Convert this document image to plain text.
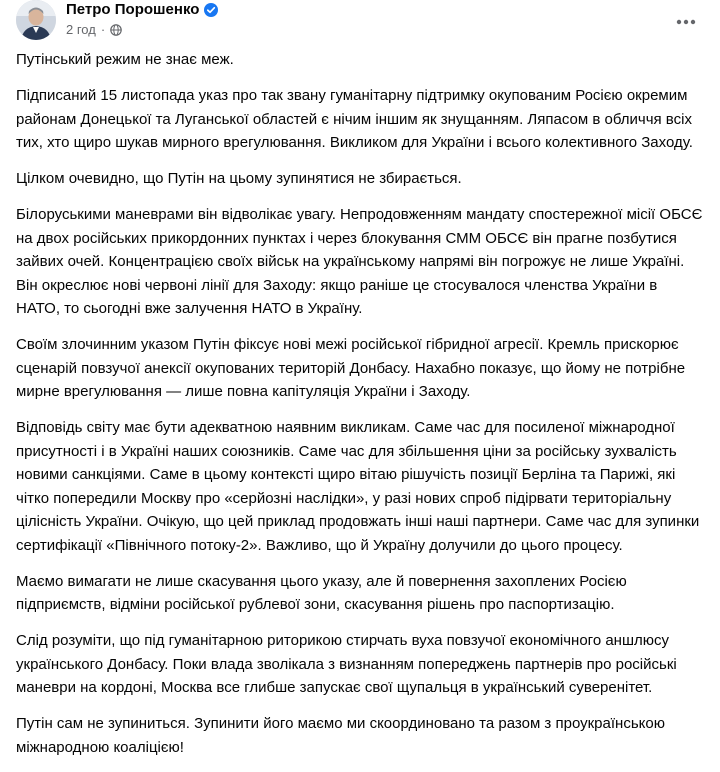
Петро Порошенко
2 год ·

Путінський режим не знає меж.

Підписаний 15 листопада указ про так звану гуманітарну підтримку окупованим Росією окремим районам Донецької та Луганської областей є нічим іншим як знущанням. Ляпасом в обличчя всіх тих, хто щиро шукав мирного врегулювання. Викликом для України і всього колективного Заходу.

Цілком очевидно, що Путін на цьому зупинятися не збирається.

Білоруськими маневрами він відволікає увагу. Непродовженням мандату спостережної місії ОБСЄ на двох російських прикордонних пунктах і через блокування СММ ОБСЄ він прагне позбутися зайвих очей. Концентрацією своїх військ на українському напрямі він погрожує не лише Україні. Він окреслює нові червоні лінії для Заходу: якщо раніше це стосувалося членства України в НАТО, то сьогодні вже залучення НАТО в Україну.

Своїм злочинним указом Путін фіксує нові межі російської гібридної агресії. Кремль прискорює сценарій повзучої анексії окупованих територій Донбасу. Нахабно показує, що йому не потрібне мирне врегулювання — лише повна капітуляція України і Заходу.

Відповідь світу має бути адекватною наявним викликам. Саме час для посиленої міжнародної присутності і в Україні наших союзників. Саме час для збільшення ціни за російську зухвалість новими санкціями. Саме в цьому контексті щиро вітаю рішучість позиції Берліна та Парижі, які чітко попередили Москву про «серйозні наслідки», у разі нових спроб підірвати територіальну цілісність України. Очікую, що цей приклад продовжать інші наші партнери. Саме час для зупинки сертифікації «Північного потоку-2». Важливо, що й Україну долучили до цього процесу.

Маємо вимагати не лише скасування цього указу, але й повернення захоплених Росією підприємств, відміни російської рублевої зони, скасування рішень про паспортизацію.

Слід розуміти, що під гуманітарною риторикою стирчать вуха повзучої економічного аншлюсу українського Донбасу. Поки влада зволікала з визнанням попереджень партнерів про російські маневри на кордоні, Москва все глибше запускає свої щупальця в український суверенітет.

Путін сам не зупиниться. Зупинити його маємо ми скоординовано та разом з проукраїнською міжнародною коаліцією!
